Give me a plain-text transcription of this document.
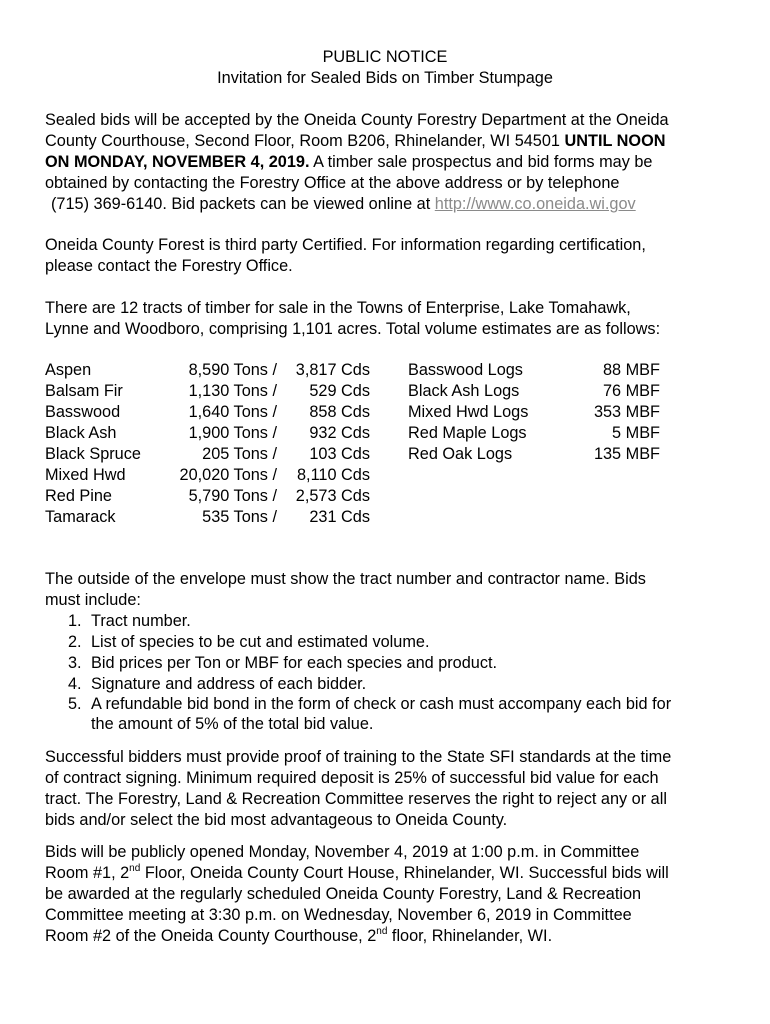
PUBLIC NOTICE
Invitation for Sealed Bids on Timber Stumpage
Sealed bids will be accepted by the Oneida County Forestry Department at the Oneida
County Courthouse, Second Floor, Room B206, Rhinelander, WI 54501 UNTIL NOON
ON MONDAY, NOVEMBER 4, 2019. A timber sale prospectus and bid forms may be
obtained by contacting the Forestry Office at the above address or by telephone
(715) 369-6140. Bid packets can be viewed online at http://www.co.oneida.wi.gov
Oneida County Forest is third party Certified. For information regarding certification,
please contact the Forestry Office.
There are 12 tracts of timber for sale in the Towns of Enterprise, Lake Tomahawk,
Lynne and Woodboro, comprising 1,101 acres. Total volume estimates are as follows:
Aspen	8,590 Tons / 3,817 Cds
Balsam Fir	1,130 Tons / 529 Cds
Basswood	1,640 Tons / 858 Cds
Black Ash	1,900 Tons / 932 Cds
Black Spruce	205 Tons / 103 Cds
Mixed Hwd	20,020 Tons / 8,110 Cds
Red Pine	5,790 Tons / 2,573 Cds
Tamarack	535 Tons / 231 Cds
Basswood Logs	88 MBF
Black Ash Logs	76 MBF
Mixed Hwd Logs	353 MBF
Red Maple Logs	5 MBF
Red Oak Logs	135 MBF
The outside of the envelope must show the tract number and contractor name. Bids
must include:
1. Tract number.
2. List of species to be cut and estimated volume.
3. Bid prices per Ton or MBF for each species and product.
4. Signature and address of each bidder.
5. A refundable bid bond in the form of check or cash must accompany each bid for
the amount of 5% of the total bid value.
Successful bidders must provide proof of training to the State SFI standards at the time
of contract signing. Minimum required deposit is 25% of successful bid value for each
tract. The Forestry, Land & Recreation Committee reserves the right to reject any or all
bids and/or select the bid most advantageous to Oneida County.
Bids will be publicly opened Monday, November 4, 2019 at 1:00 p.m. in Committee
Room #1, 2nd Floor, Oneida County Court House, Rhinelander, WI. Successful bids will
be awarded at the regularly scheduled Oneida County Forestry, Land & Recreation
Committee meeting at 3:30 p.m. on Wednesday, November 6, 2019 in Committee
Room #2 of the Oneida County Courthouse, 2nd floor, Rhinelander, WI.
